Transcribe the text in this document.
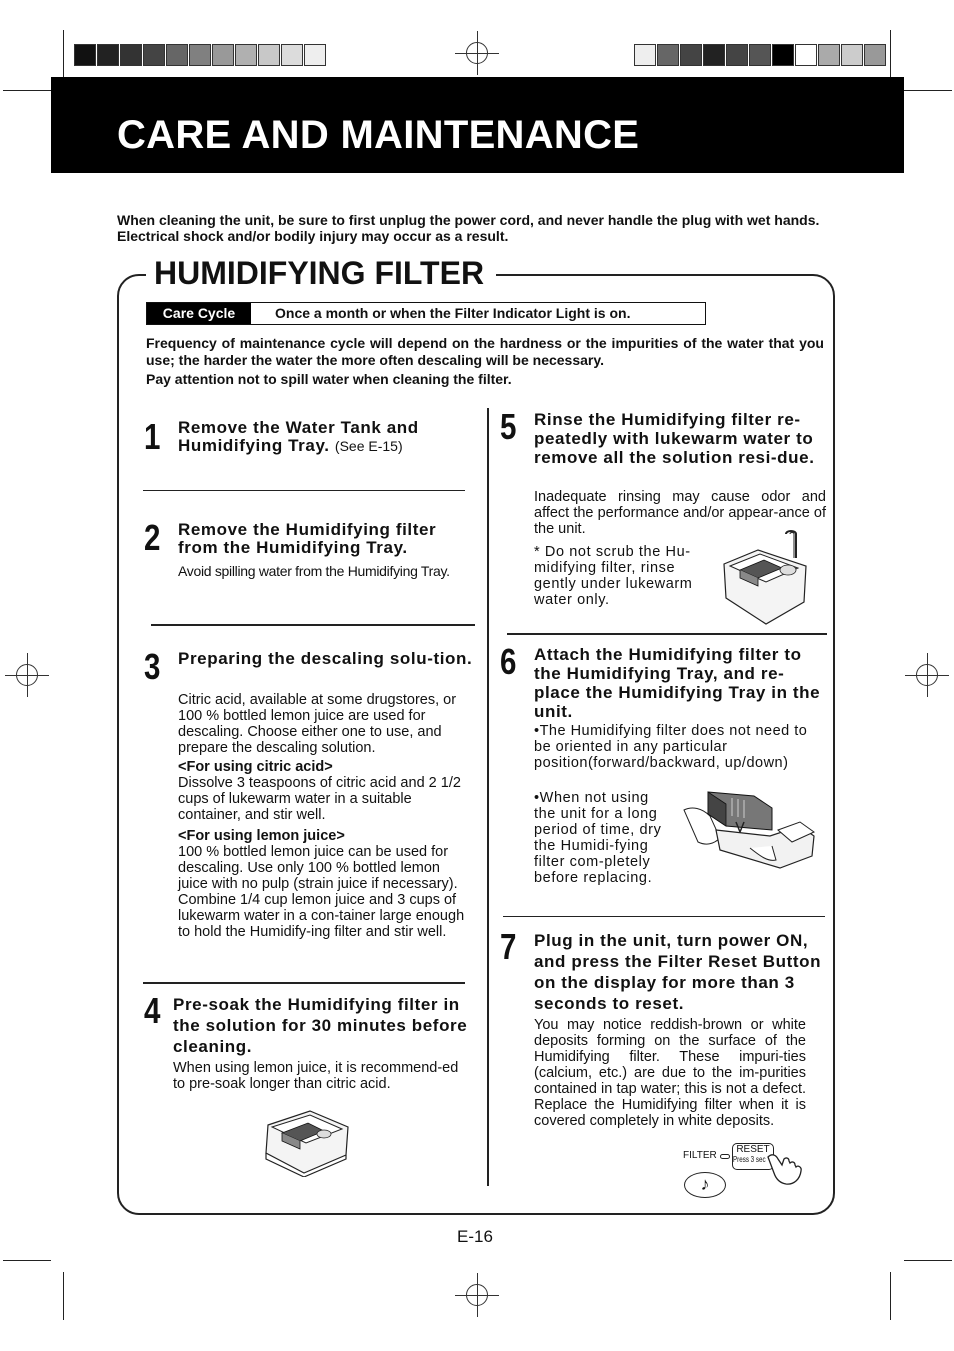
CARE AND MAINTENANCE
When cleaning the unit, be sure to first unplug the power cord, and never handle the plug with wet hands. Electrical shock and/or bodily injury may occur as a result.
HUMIDIFYING FILTER
Care Cycle	Once a month or when the Filter Indicator Light is on.
Frequency of maintenance cycle will depend on the hardness or the impurities of the water that you use; the harder the water the more often descaling will be necessary.
Pay attention not to spill water when cleaning the filter.
1 Remove the Water Tank and Humidifying Tray. (See E-15)
2 Remove the Humidifying filter from the Humidifying Tray.
Avoid spilling water from the Humidifying Tray.
3 Preparing the descaling solu-tion.
Citric acid, available at some drugstores, or 100 % bottled lemon juice are used for descaling. Choose either one to use, and prepare the descaling solution.
<For using citric acid>
Dissolve 3 teaspoons of citric acid and 2 1/2 cups of lukewarm water in a suitable container, and stir well.
<For using lemon juice>
100 % bottled lemon juice can be used for descaling. Use only 100 % bottled lemon juice with no pulp (strain juice if necessary). Combine 1/4 cup lemon juice and 3 cups of lukewarm water in a con-tainer large enough to hold the Humidify-ing filter and stir well.
4 Pre-soak the Humidifying filter in the solution for 30 minutes before cleaning.
When using lemon juice, it is recommend-ed to pre-soak longer than citric acid.
5 Rinse the Humidifying filter re-peatedly with lukewarm water to remove all the solution resi-due.
Inadequate rinsing may cause odor and affect the performance and/or appear-ance of the unit.
* Do not scrub the Hu-midifying filter, rinse gently under lukewarm water only.
6 Attach the Humidifying filter to the Humidifying Tray, and re-place the Humidifying Tray in the unit.
•The Humidifying filter does not need to be oriented in any particular position(forward/backward, up/down)
•When not using the unit for a long period of time, dry the Humidi-fying filter com-pletely before replacing.
7 Plug in the unit, turn power ON, and press the Filter Reset Button on the display for more than 3 seconds to reset.
You may notice reddish-brown or white deposits forming on the surface of the Humidifying filter. These impuri-ties (calcium, etc.) are due to the im-purities contained in tap water; this is not a defect. Replace the Humidifying filter when it is covered completely in white deposits.
FILTER
RESET
Press 3 sec
♪
E-16
